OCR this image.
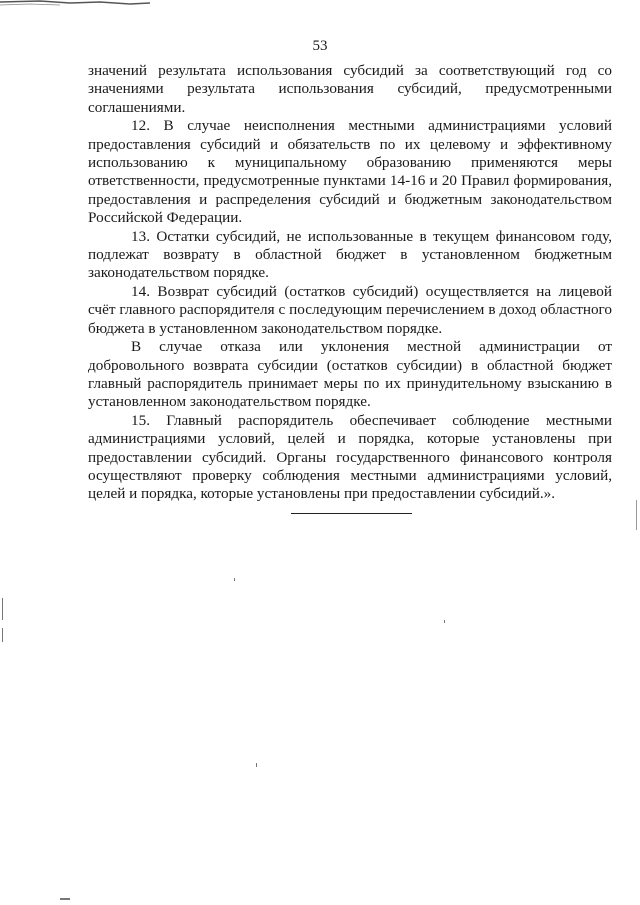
53

значений результата использования субсидий за соответствующий год со значениями результата использования субсидий, предусмотренными соглашениями.

12. В случае неисполнения местными администрациями условий предоставления субсидий и обязательств по их целевому и эффективному использованию к муниципальному образованию применяются меры ответственности, предусмотренные пунктами 14-16 и 20 Правил формирования, предоставления и распределения субсидий и бюджетным законодательством Российской Федерации.

13. Остатки субсидий, не использованные в текущем финансовом году, подлежат возврату в областной бюджет в установленном бюджетным законодательством порядке.

14. Возврат субсидий (остатков субсидий) осуществляется на лицевой счёт главного распорядителя с последующим перечислением в доход областного бюджета в установленном законодательством порядке.

В случае отказа или уклонения местной администрации от добровольного возврата субсидии (остатков субсидии) в областной бюджет главный распорядитель принимает меры по их принудительному взысканию в установленном законодательством порядке.

15. Главный распорядитель обеспечивает соблюдение местными администрациями условий, целей и порядка, которые установлены при предоставлении субсидий. Органы государственного финансового контроля осуществляют проверку соблюдения местными администрациями условий, целей и порядка, которые установлены при предоставлении субсидий.».
